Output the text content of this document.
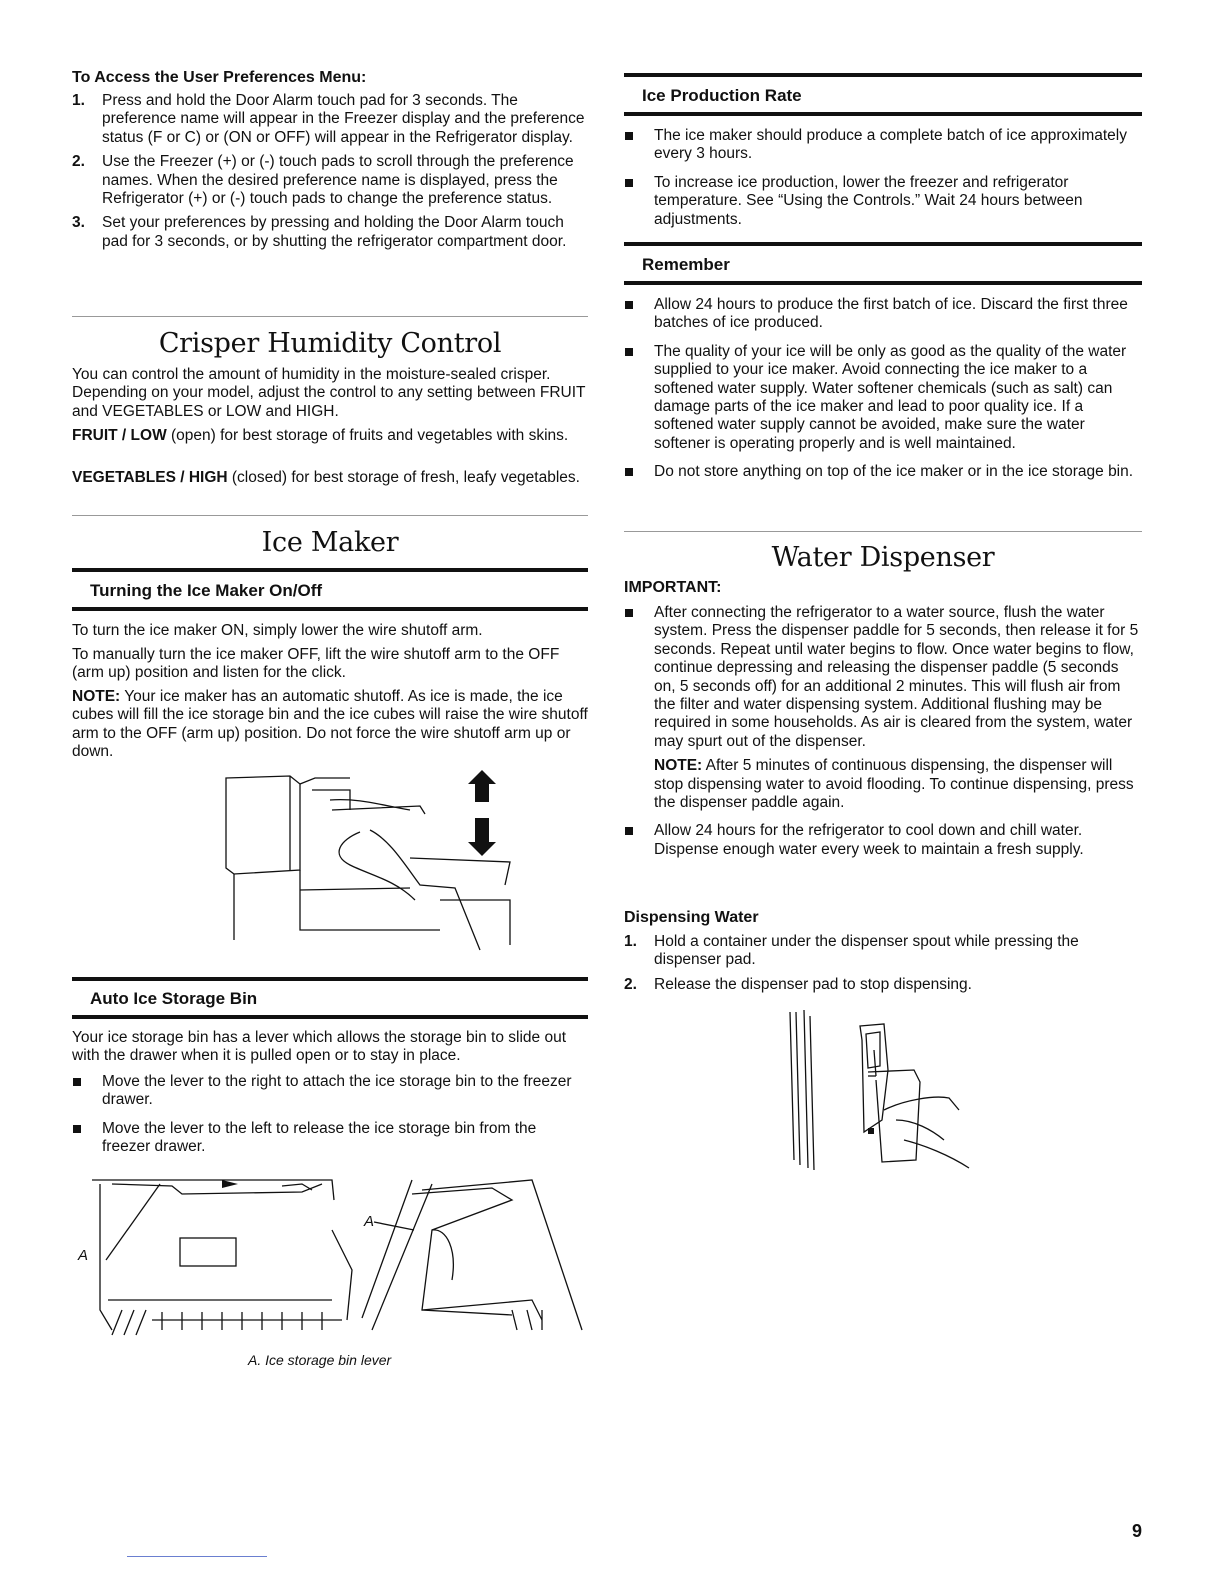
To Access the User Preferences Menu:
1.	Press and hold the Door Alarm touch pad for 3 seconds. The preference name will appear in the Freezer display and the preference status (F or C) or (ON or OFF) will appear in the Refrigerator display.
2.	Use the Freezer (+) or (-) touch pads to scroll through the preference names. When the desired preference name is displayed, press the Refrigerator (+) or (-) touch pads to change the preference status.
3.	Set your preferences by pressing and holding the Door Alarm touch pad for 3 seconds, or by shutting the refrigerator compartment door.
Crisper Humidity Control

You can control the amount of humidity in the moisture-sealed crisper. Depending on your model, adjust the control to any setting between FRUIT and VEGETABLES or LOW and HIGH.

FRUIT / LOW (open) for best storage of fruits and vegetables with skins.

VEGETABLES / HIGH (closed) for best storage of fresh, leafy vegetables.

Ice Maker
Turning the Ice Maker On/Off

To turn the ice maker ON, simply lower the wire shutoff arm.

To manually turn the ice maker OFF, lift the wire shutoff arm to the OFF (arm up) position and listen for the click.

NOTE: Your ice maker has an automatic shutoff. As ice is made, the ice cubes will fill the ice storage bin and the ice cubes will raise the wire shutoff arm to the OFF (arm up) position. Do not force the wire shutoff arm up or down.

Auto Ice Storage Bin

Your ice storage bin has a lever which allows the storage bin to slide out with the drawer when it is pulled open or to stay in place.

Move the lever to the right to attach the ice storage bin to the freezer drawer.
Move the lever to the left to release the ice storage bin from the freezer drawer.
A
A
A. Ice storage bin lever
Ice Production Rate
The ice maker should produce a complete batch of ice approximately every 3 hours.
To increase ice production, lower the freezer and refrigerator temperature. See “Using the Controls.” Wait 24 hours between adjustments.
Remember
Allow 24 hours to produce the first batch of ice. Discard the first three batches of ice produced.
The quality of your ice will be only as good as the quality of the water supplied to your ice maker. Avoid connecting the ice maker to a softened water supply. Water softener chemicals (such as salt) can damage parts of the ice maker and lead to poor quality ice. If a softened water supply cannot be avoided, make sure the water softener is operating properly and is well maintained.
Do not store anything on top of the ice maker or in the ice storage bin.
Water Dispenser
IMPORTANT:
After connecting the refrigerator to a water source, flush the water system. Press the dispenser paddle for 5 seconds, then release it for 5 seconds. Repeat until water begins to flow. Once water begins to flow, continue depressing and releasing the dispenser paddle (5 seconds on, 5 seconds off) for an additional 2 minutes. This will flush air from the filter and water dispensing system. Additional flushing may be required in some households. As air is cleared from the system, water may spurt out of the dispenser.
NOTE: After 5 minutes of continuous dispensing, the dispenser will stop dispensing water to avoid flooding. To continue dispensing, press the dispenser paddle again.
Allow 24 hours for the refrigerator to cool down and chill water. Dispense enough water every week to maintain a fresh supply.
Dispensing Water
1.	Hold a container under the dispenser spout while pressing the dispenser pad.
2.	Release the dispenser pad to stop dispensing.
9
